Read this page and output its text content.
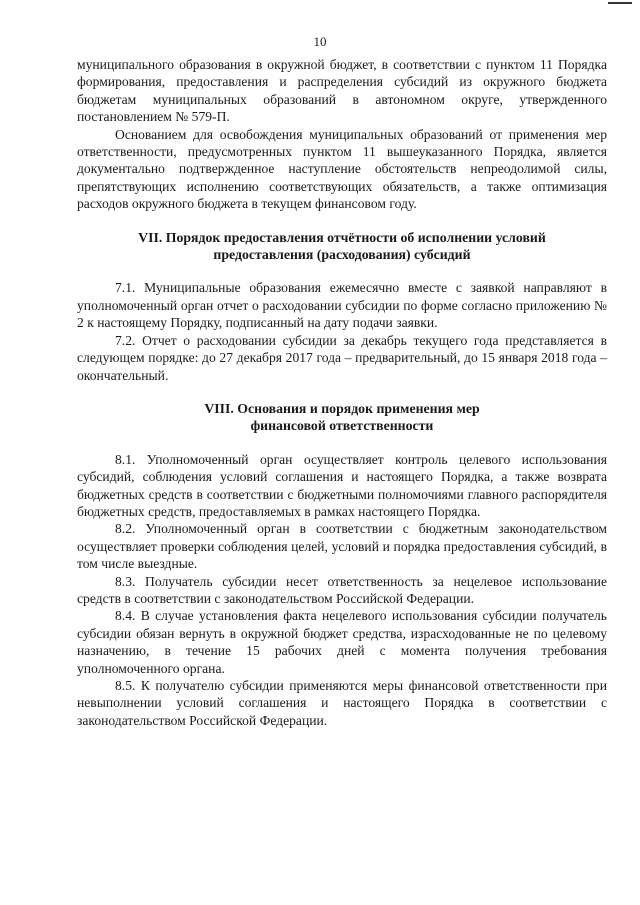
10

муниципального образования в окружной бюджет, в соответствии с пунктом 11 Порядка формирования, предоставления и распределения субсидий из окружного бюджета бюджетам муниципальных образований в автономном округе, утвержденного постановлением № 579-П.

Основанием для освобождения муниципальных образований от применения мер ответственности, предусмотренных пунктом 11 вышеуказанного Порядка, является документально подтвержденное наступление обстоятельств непреодолимой силы, препятствующих исполнению соответствующих обязательств, а также оптимизация расходов окружного бюджета в текущем финансовом году.

VII. Порядок предоставления отчётности об исполнении условий
предоставления (расходования) субсидий

7.1. Муниципальные образования ежемесячно вместе с заявкой направляют в уполномоченный орган отчет о расходовании субсидии по форме согласно приложению № 2 к настоящему Порядку, подписанный на дату подачи заявки.

7.2. Отчет о расходовании субсидии за декабрь текущего года представляется в следующем порядке: до 27 декабря 2017 года – предварительный, до 15 января 2018 года – окончательный.

VIII. Основания и порядок применения мер
финансовой ответственности

8.1. Уполномоченный орган осуществляет контроль целевого использования субсидий, соблюдения условий соглашения и настоящего Порядка, а также возврата бюджетных средств в соответствии с бюджетными полномочиями главного распорядителя бюджетных средств, предоставляемых в рамках настоящего Порядка.

8.2. Уполномоченный орган в соответствии с бюджетным законодательством осуществляет проверки соблюдения целей, условий и порядка предоставления субсидий, в том числе выездные.

8.3. Получатель субсидии несет ответственность за нецелевое использование средств в соответствии с законодательством Российской Федерации.

8.4. В случае установления факта нецелевого использования субсидии получатель субсидии обязан вернуть в окружной бюджет средства, израсходованные не по целевому назначению, в течение 15 рабочих дней с момента получения требования уполномоченного органа.

8.5. К получателю субсидии применяются меры финансовой ответственности при невыполнении условий соглашения и настоящего Порядка в соответствии с законодательством Российской Федерации.
